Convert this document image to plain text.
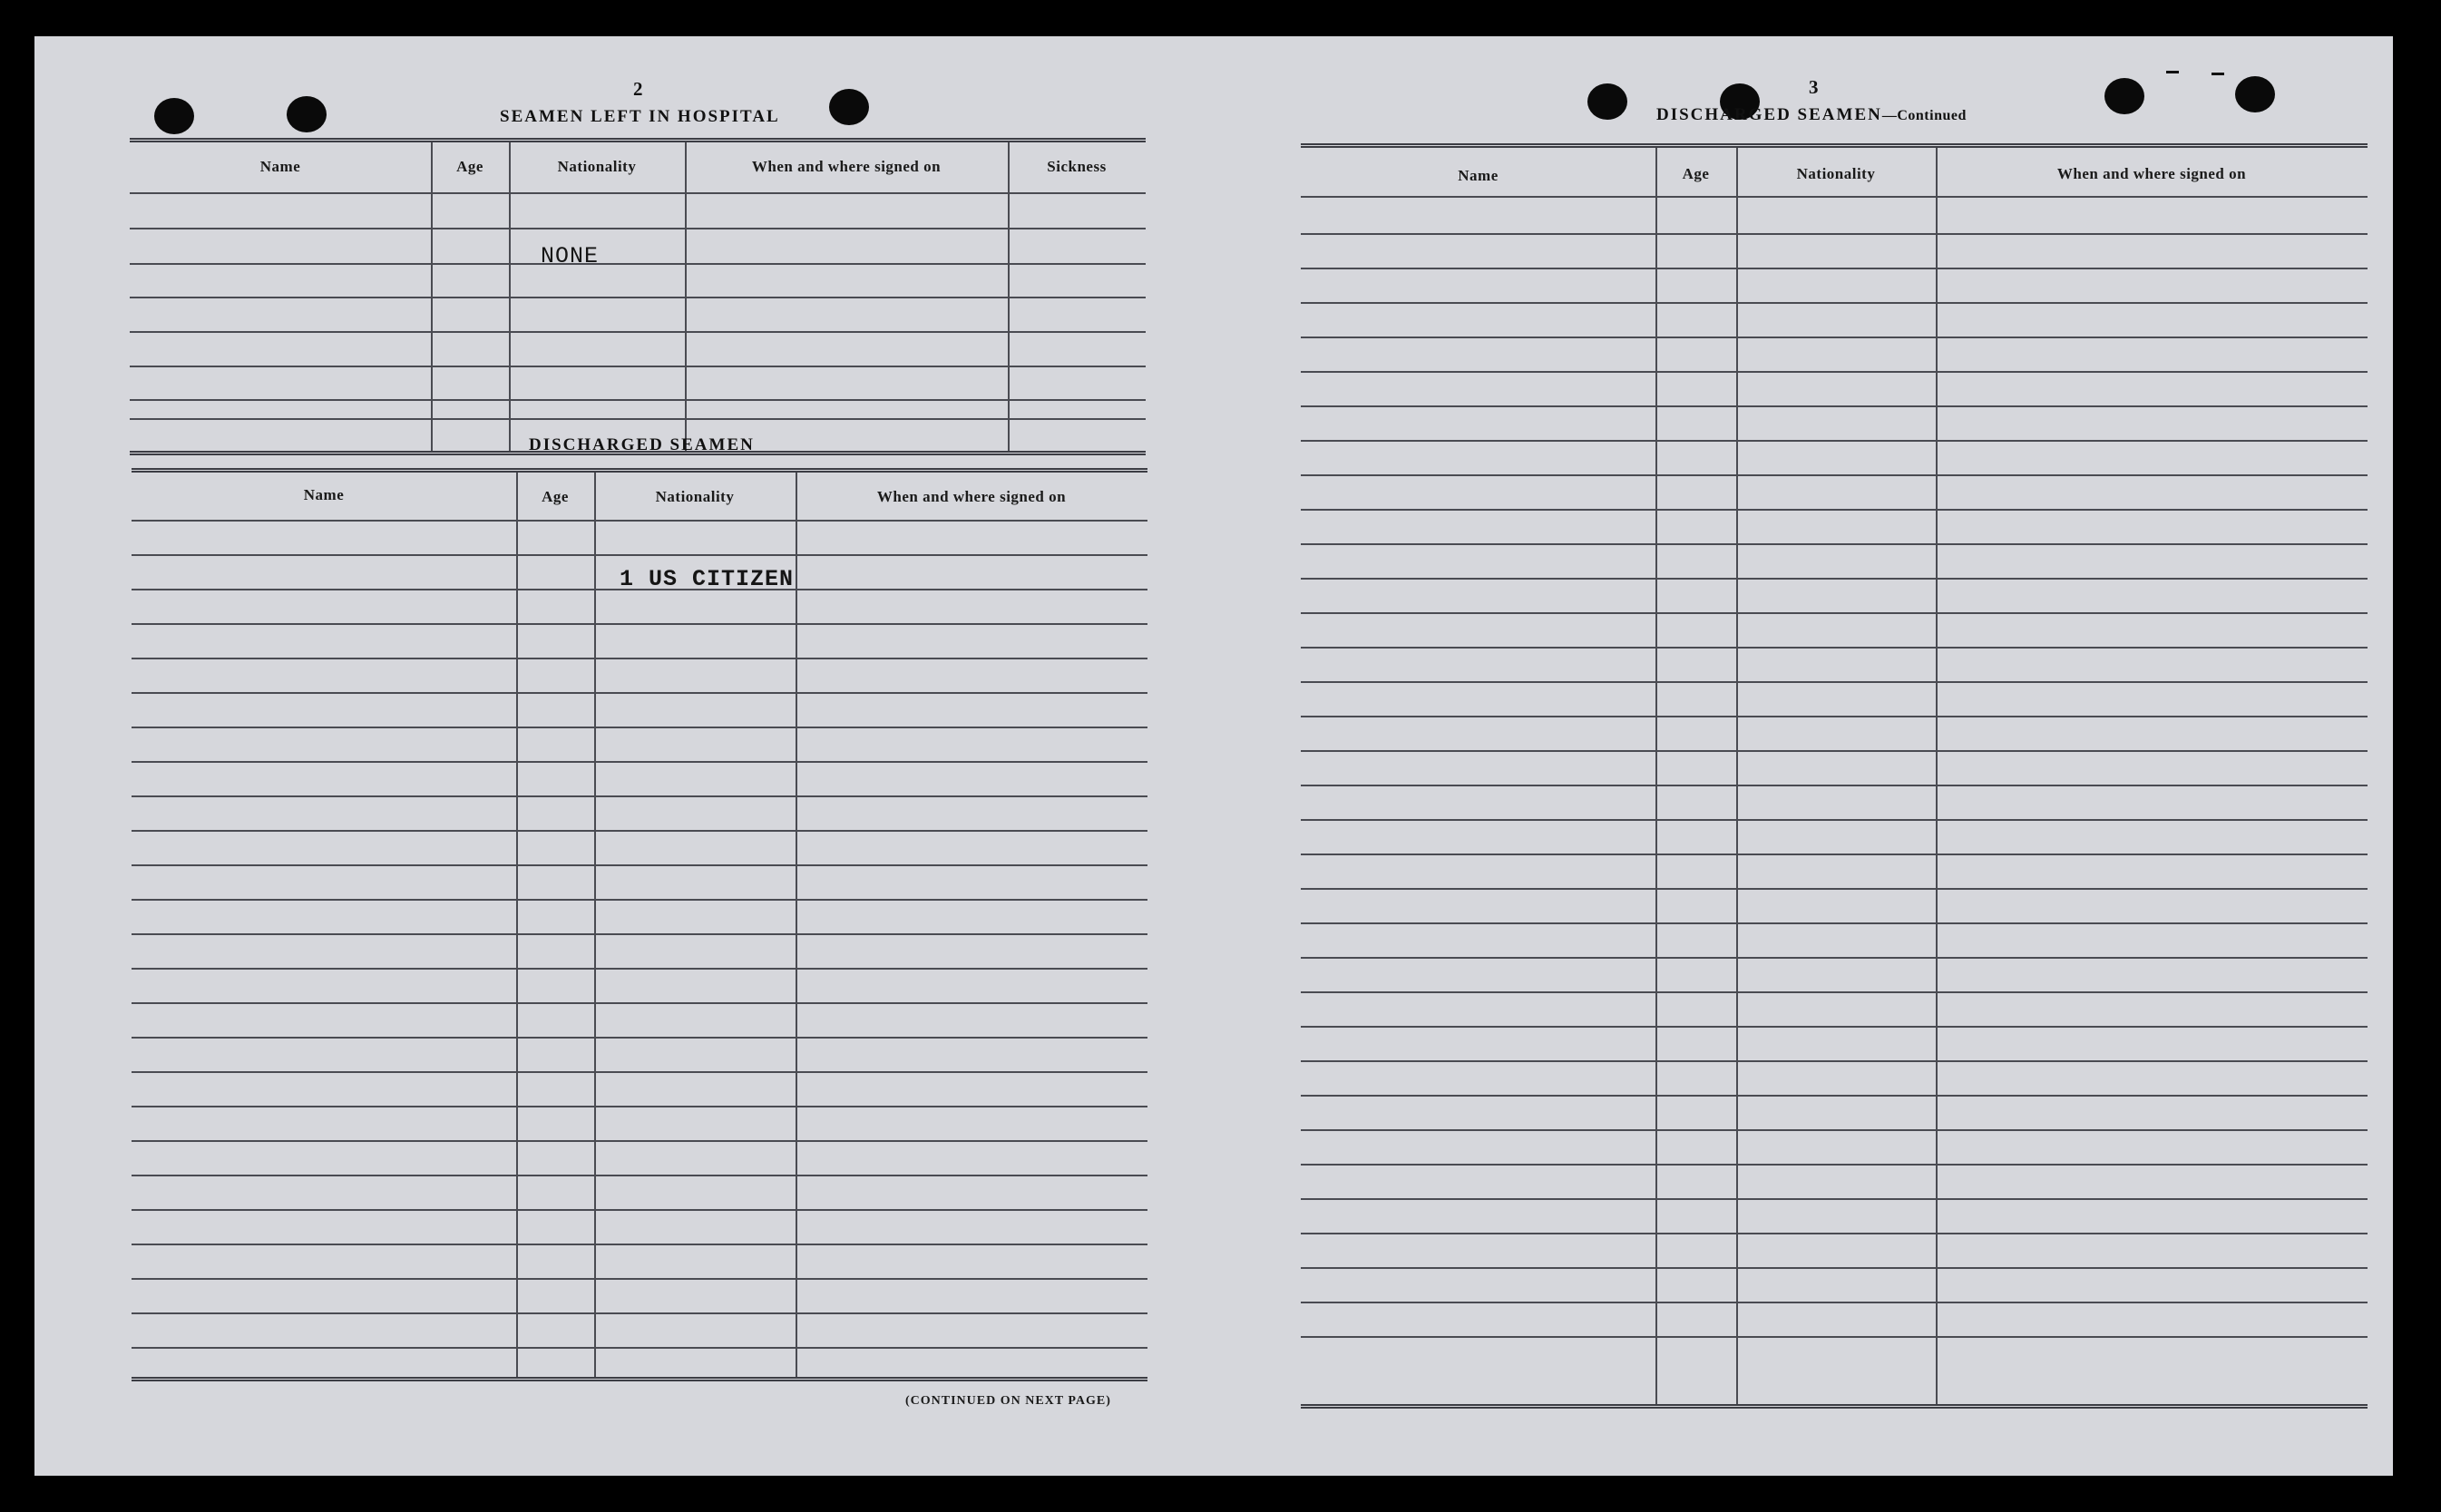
2
SEAMEN LEFT IN HOSPITAL
Name	Age	Nationality	When and where signed on	Sickness
NONE
DISCHARGED SEAMEN
Name	Age	Nationality	When and where signed on
1 US CITIZEN
(CONTINUED ON NEXT PAGE)
3
DISCHARGED SEAMEN—Continued
Name	Age	Nationality	When and where signed on
